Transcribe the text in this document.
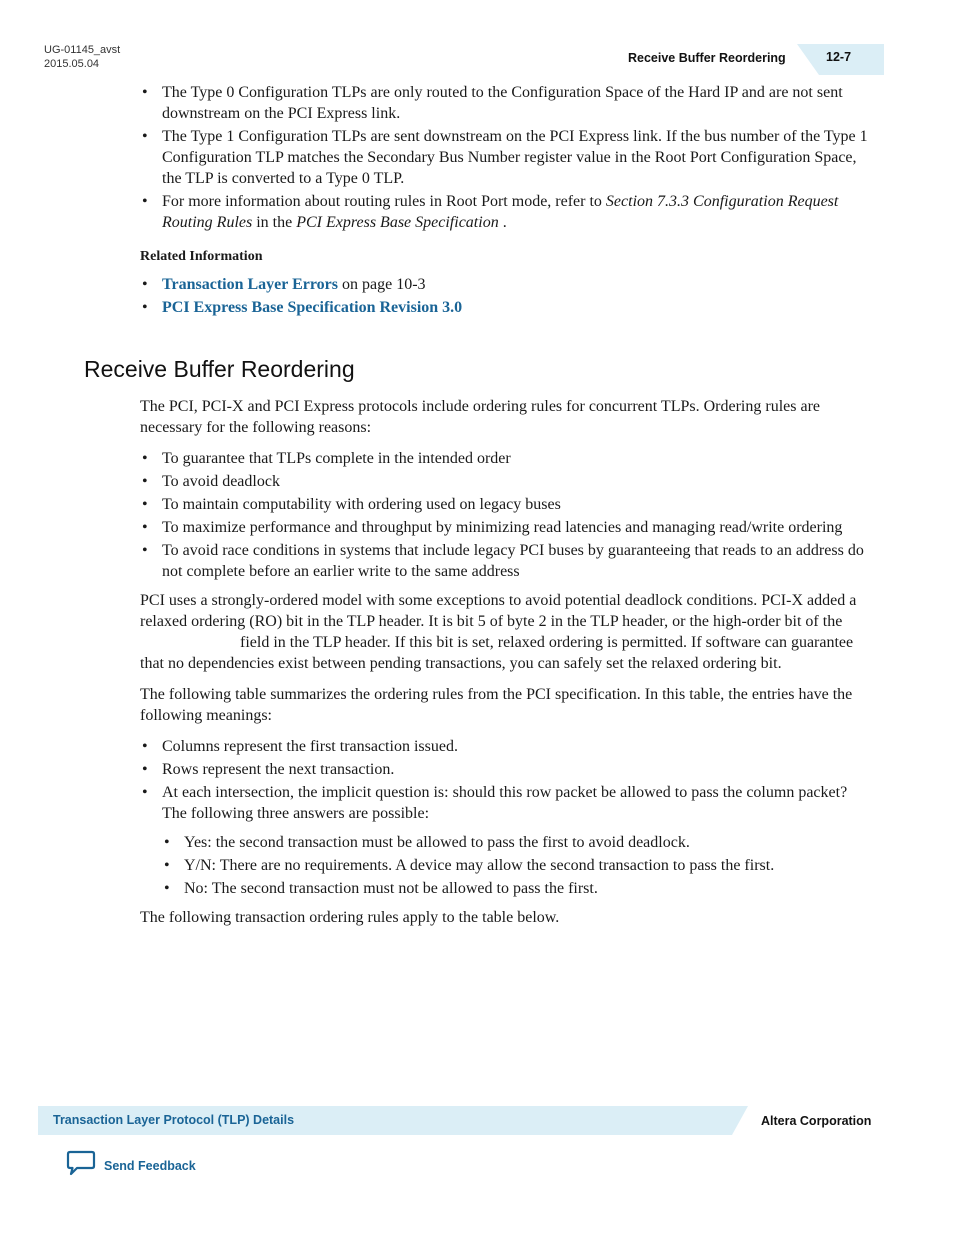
UG-01145_avst
2015.05.04	Receive Buffer Reordering	12-7
• The Type 0 Configuration TLPs are only routed to the Configuration Space of the Hard IP and are not sent downstream on the PCI Express link.
• The Type 1 Configuration TLPs are sent downstream on the PCI Express link. If the bus number of the Type 1 Configuration TLP matches the Secondary Bus Number register value in the Root Port Configuration Space, the TLP is converted to a Type 0 TLP.
• For more information about routing rules in Root Port mode, refer to Section 7.3.3 Configuration Request Routing Rules in the PCI Express Base Specification .
Related Information
• Transaction Layer Errors on page 10-3
• PCI Express Base Specification Revision 3.0
Receive Buffer Reordering

The PCI, PCI-X and PCI Express protocols include ordering rules for concurrent TLPs. Ordering rules are necessary for the following reasons:

• To guarantee that TLPs complete in the intended order
• To avoid deadlock
• To maintain computability with ordering used on legacy buses
• To maximize performance and throughput by minimizing read latencies and managing read/write ordering
• To avoid race conditions in systems that include legacy PCI buses by guaranteeing that reads to an address do not complete before an earlier write to the same address

PCI uses a strongly-ordered model with some exceptions to avoid potential deadlock conditions. PCI-X added a relaxed ordering (RO) bit in the TLP header. It is bit 5 of byte 2 in the TLP header, or the high-order bit of the                          field in the TLP header. If this bit is set, relaxed ordering is permitted. If software can guarantee that no dependencies exist between pending transactions, you can safely set the relaxed ordering bit.

The following table summarizes the ordering rules from the PCI specification. In this table, the entries have the following meanings:

• Columns represent the first transaction issued.
• Rows represent the next transaction.
• At each intersection, the implicit question is: should this row packet be allowed to pass the column packet? The following three answers are possible:
• Yes: the second transaction must be allowed to pass the first to avoid deadlock.
• Y/N: There are no requirements. A device may allow the second transaction to pass the first.
• No: The second transaction must not be allowed to pass the first.

The following transaction ordering rules apply to the table below.

Transaction Layer Protocol (TLP) Details	Altera Corporation
Send Feedback
